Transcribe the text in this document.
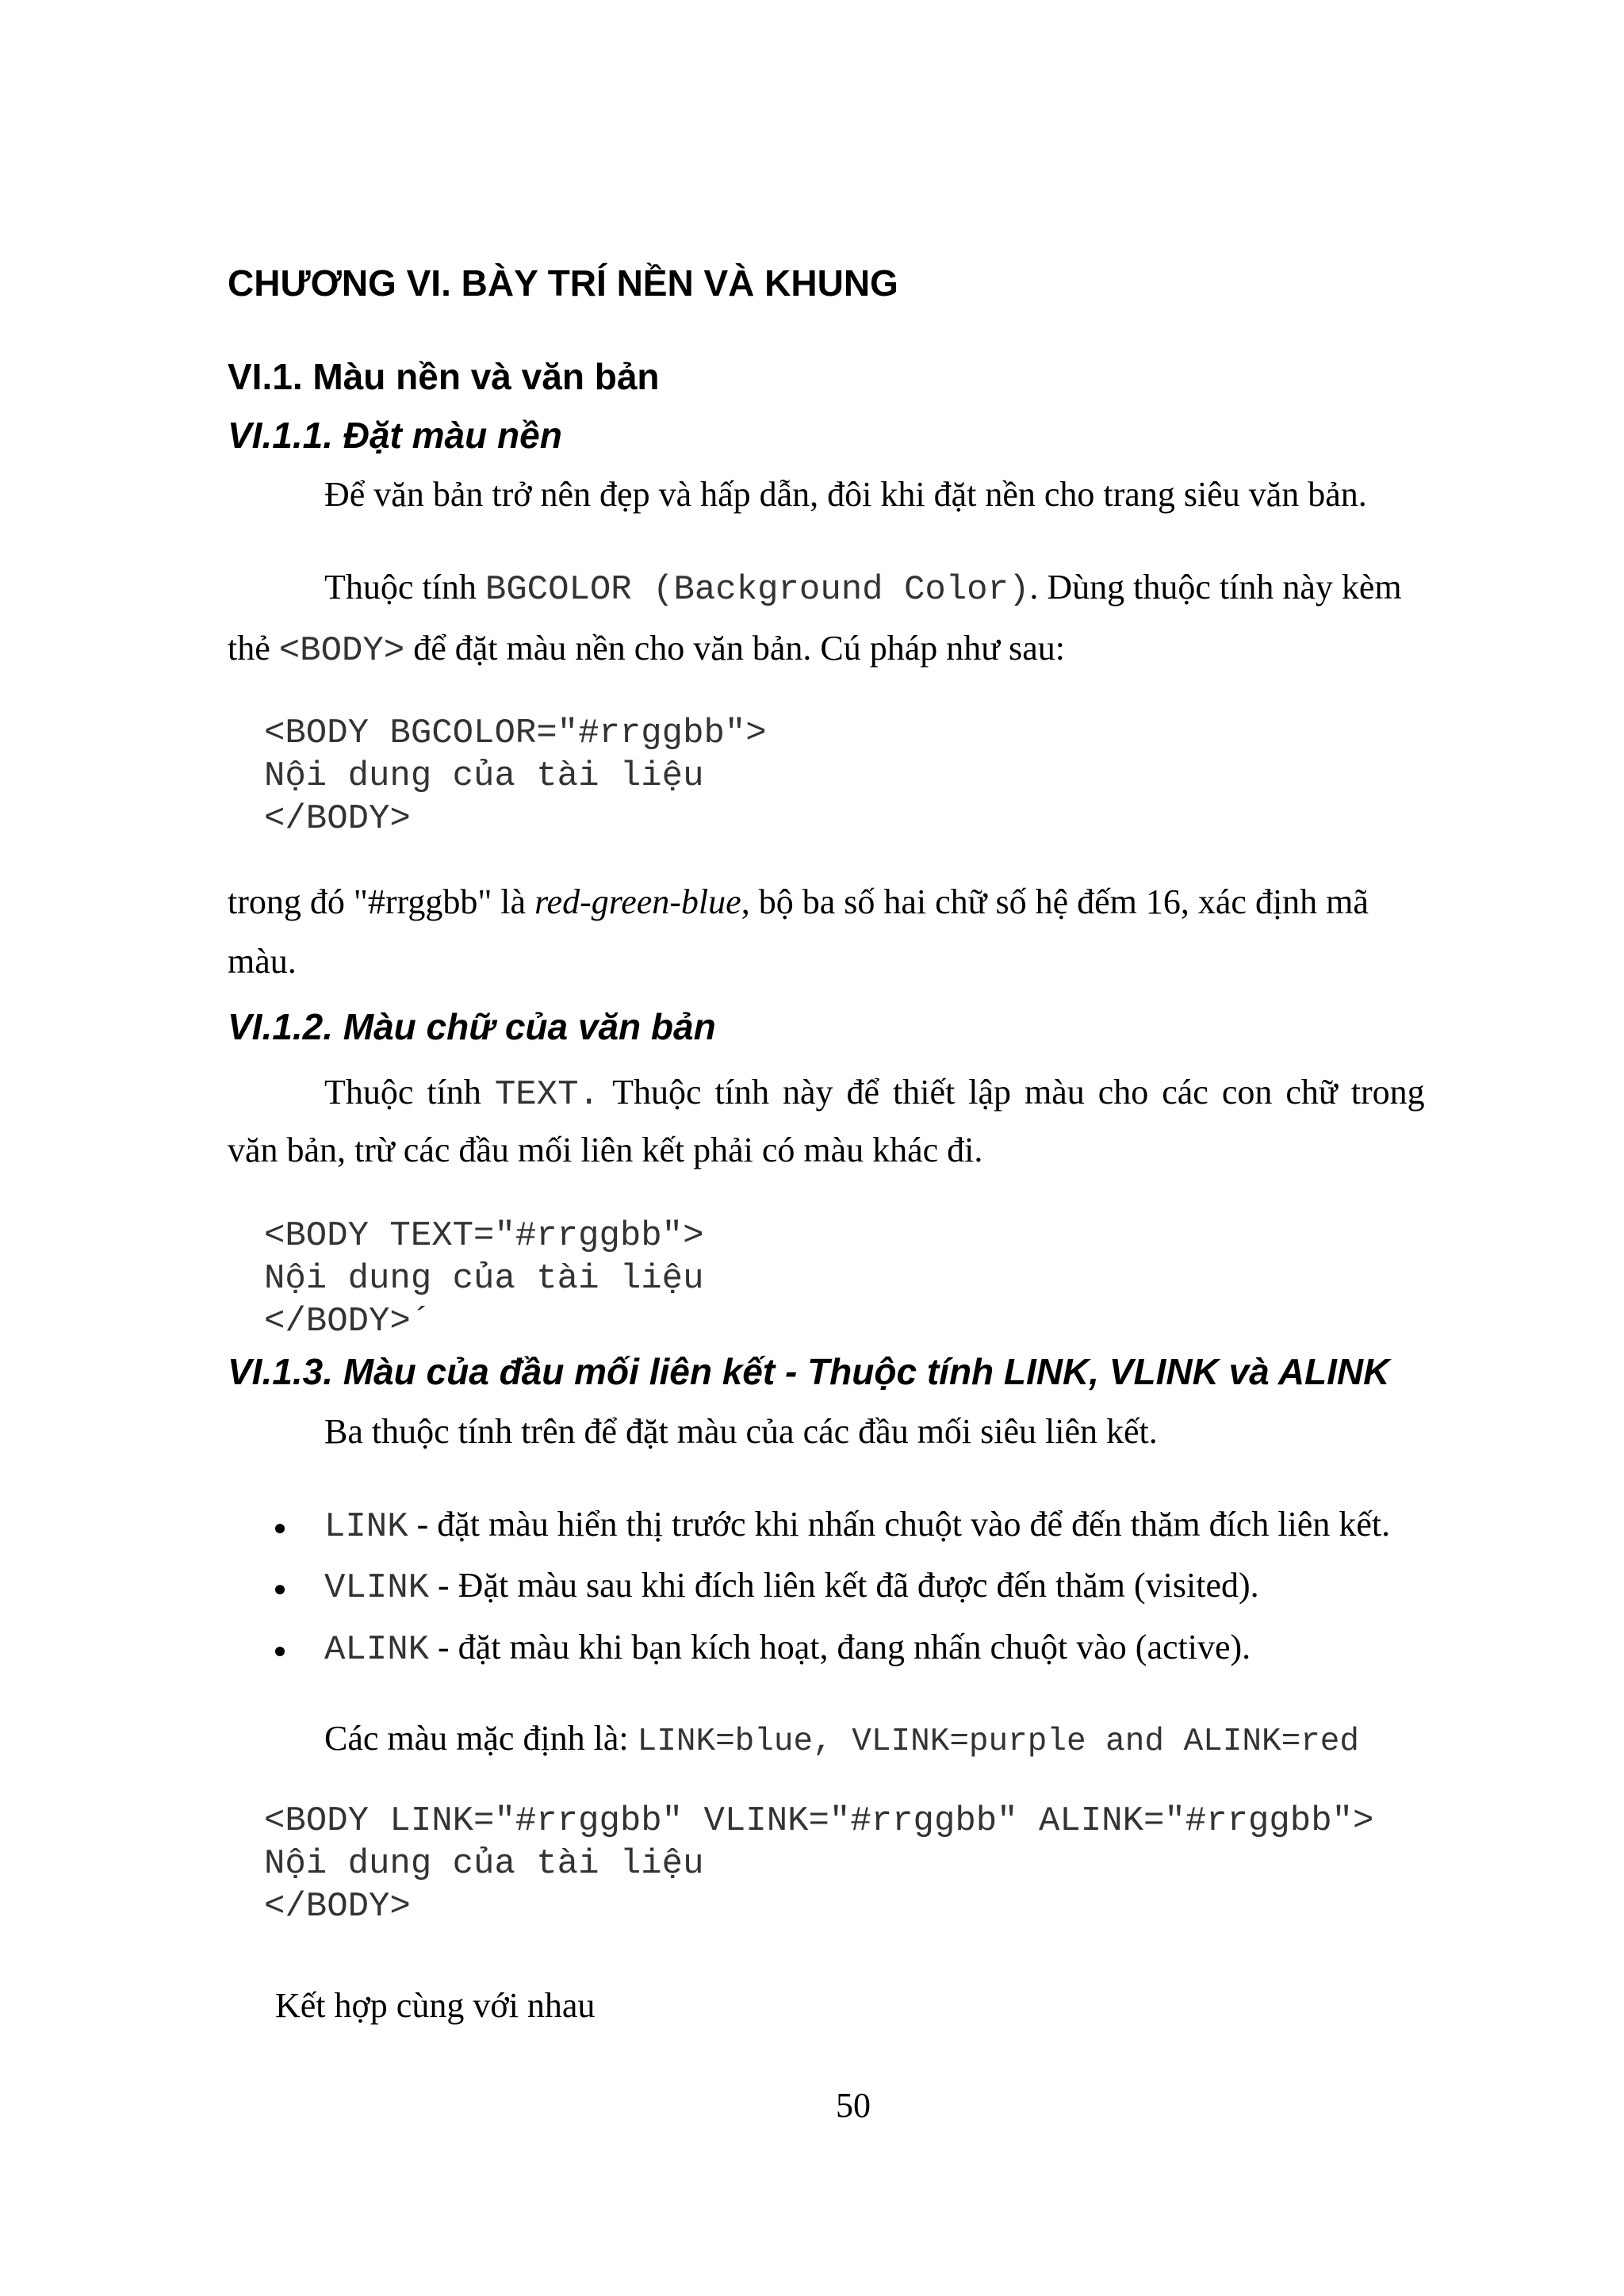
CHƯƠNG VI. BÀY TRÍ NỀN VÀ KHUNG
VI.1. Màu nền và văn bản
VI.1.1. Đặt màu nền

Để văn bản trở nên đẹp và hấp dẫn, đôi khi đặt nền cho trang siêu văn bản.

Thuộc tính BGCOLOR (Background Color). Dùng thuộc tính này kèm

thẻ <BODY> để đặt màu nền cho văn bản. Cú pháp như sau:

<BODY BGCOLOR="#rrggbb">
Nội dung của tài liệu
</BODY>

trong đó "#rrggbb" là red-green-blue, bộ ba số hai chữ số hệ đếm 16, xác định mã

màu.

VI.1.2. Màu chữ của văn bản

Thuộc tính TEXT. Thuộc tính này để thiết lập màu cho các con chữ trong

văn bản, trừ các đầu mối liên kết phải có màu khác đi.

<BODY TEXT="#rrggbb">
Nội dung của tài liệu
</BODY>´
VI.1.3. Màu của đầu mối liên kết - Thuộc tính LINK, VLINK và ALINK

Ba thuộc tính trên để đặt màu của các đầu mối siêu liên kết.

LINK - đặt màu hiển thị trước khi nhấn chuột vào để đến thăm đích liên kết.

VLINK - Đặt màu sau khi đích liên kết đã được đến thăm (visited).

ALINK - đặt màu khi bạn kích hoạt, đang nhấn chuột vào (active).

Các màu mặc định là: LINK=blue, VLINK=purple and ALINK=red

<BODY LINK="#rrggbb" VLINK="#rrggbb" ALINK="#rrggbb">
Nội dung của tài liệu
</BODY>

Kết hợp cùng với nhau

50
